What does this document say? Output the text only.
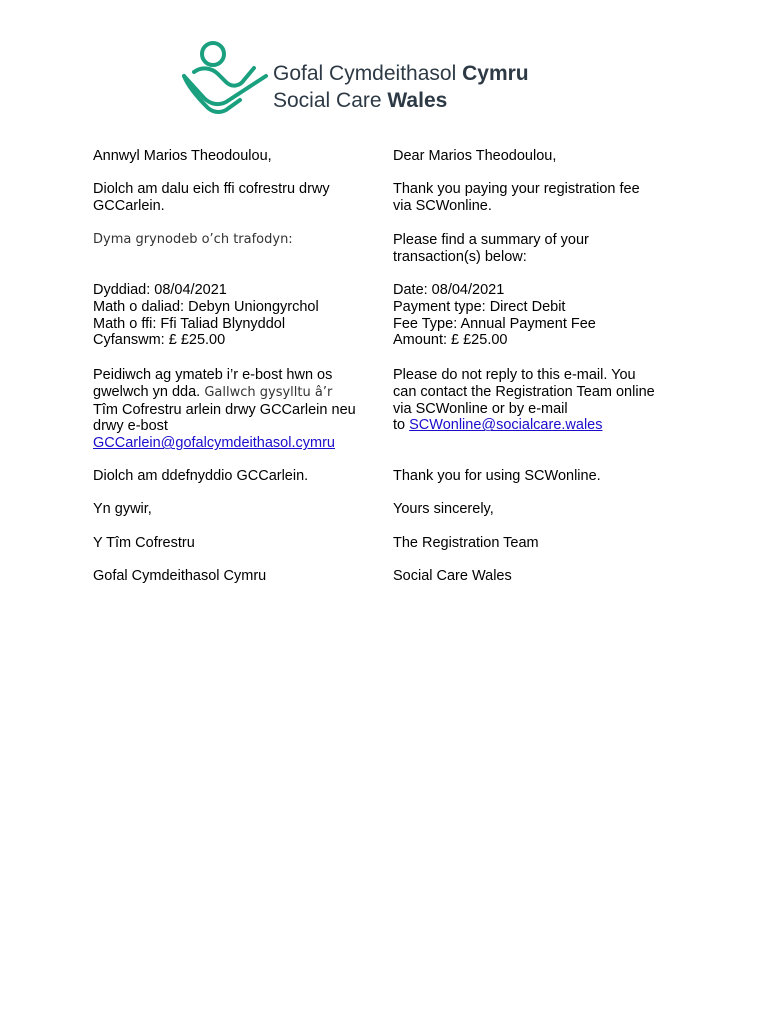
Gofal Cymdeithasol Cymru
Social Care Wales

Annwyl Marios Theodoulou,

Diolch am dalu eich ffi cofrestru drwy
GCCarlein.

Dyma grynodeb o’ch trafodyn:

Dyddiad: 08/04/2021
Math o daliad: Debyn Uniongyrchol
Math o ffi: Ffi Taliad Blynyddol
Cyfanswm: £ £25.00

Peidiwch ag ymateb i’r e-bost hwn os
gwelwch yn dda. Gallwch gysylltu â’r
Tîm Cofrestru arlein drwy GCCarlein neu
drwy e-bost
GCCarlein@gofalcymdeithasol.cymru

Diolch am ddefnyddio GCCarlein.

Yn gywir,

Y Tîm Cofrestru

Gofal Cymdeithasol Cymru

Dear Marios Theodoulou,

Thank you paying your registration fee
via SCWonline.

Please find a summary of your
transaction(s) below:

Date: 08/04/2021
Payment type: Direct Debit
Fee Type: Annual Payment Fee
Amount: £ £25.00

Please do not reply to this e-mail. You
can contact the Registration Team online
via SCWonline or by e-mail
to SCWonline@socialcare.wales

Thank you for using SCWonline.

Yours sincerely,

The Registration Team

Social Care Wales
